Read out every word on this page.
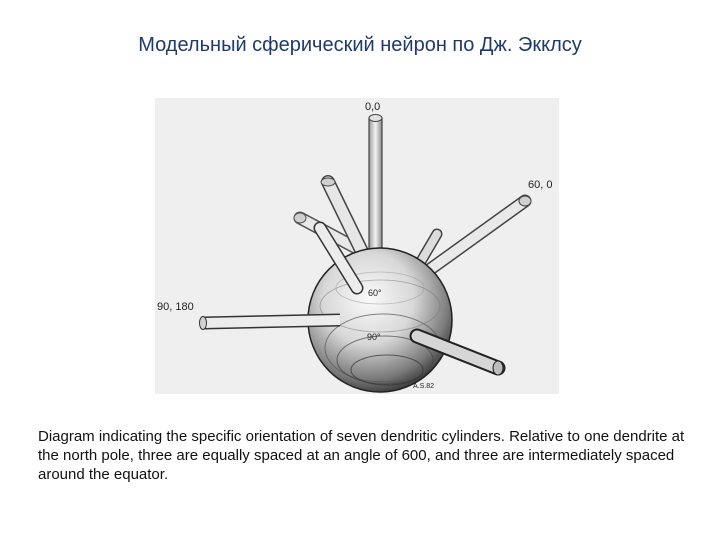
Модельный сферический нейрон по Дж. Экклсу
0,0
60, 0
90, 180
60°
90°
A.S.82
Diagram indicating the specific orientation of seven dendritic cylinders. Relative to one dendrite at the north pole, three are equally spaced at an angle of 600, and three are intermediately spaced around the equator.
